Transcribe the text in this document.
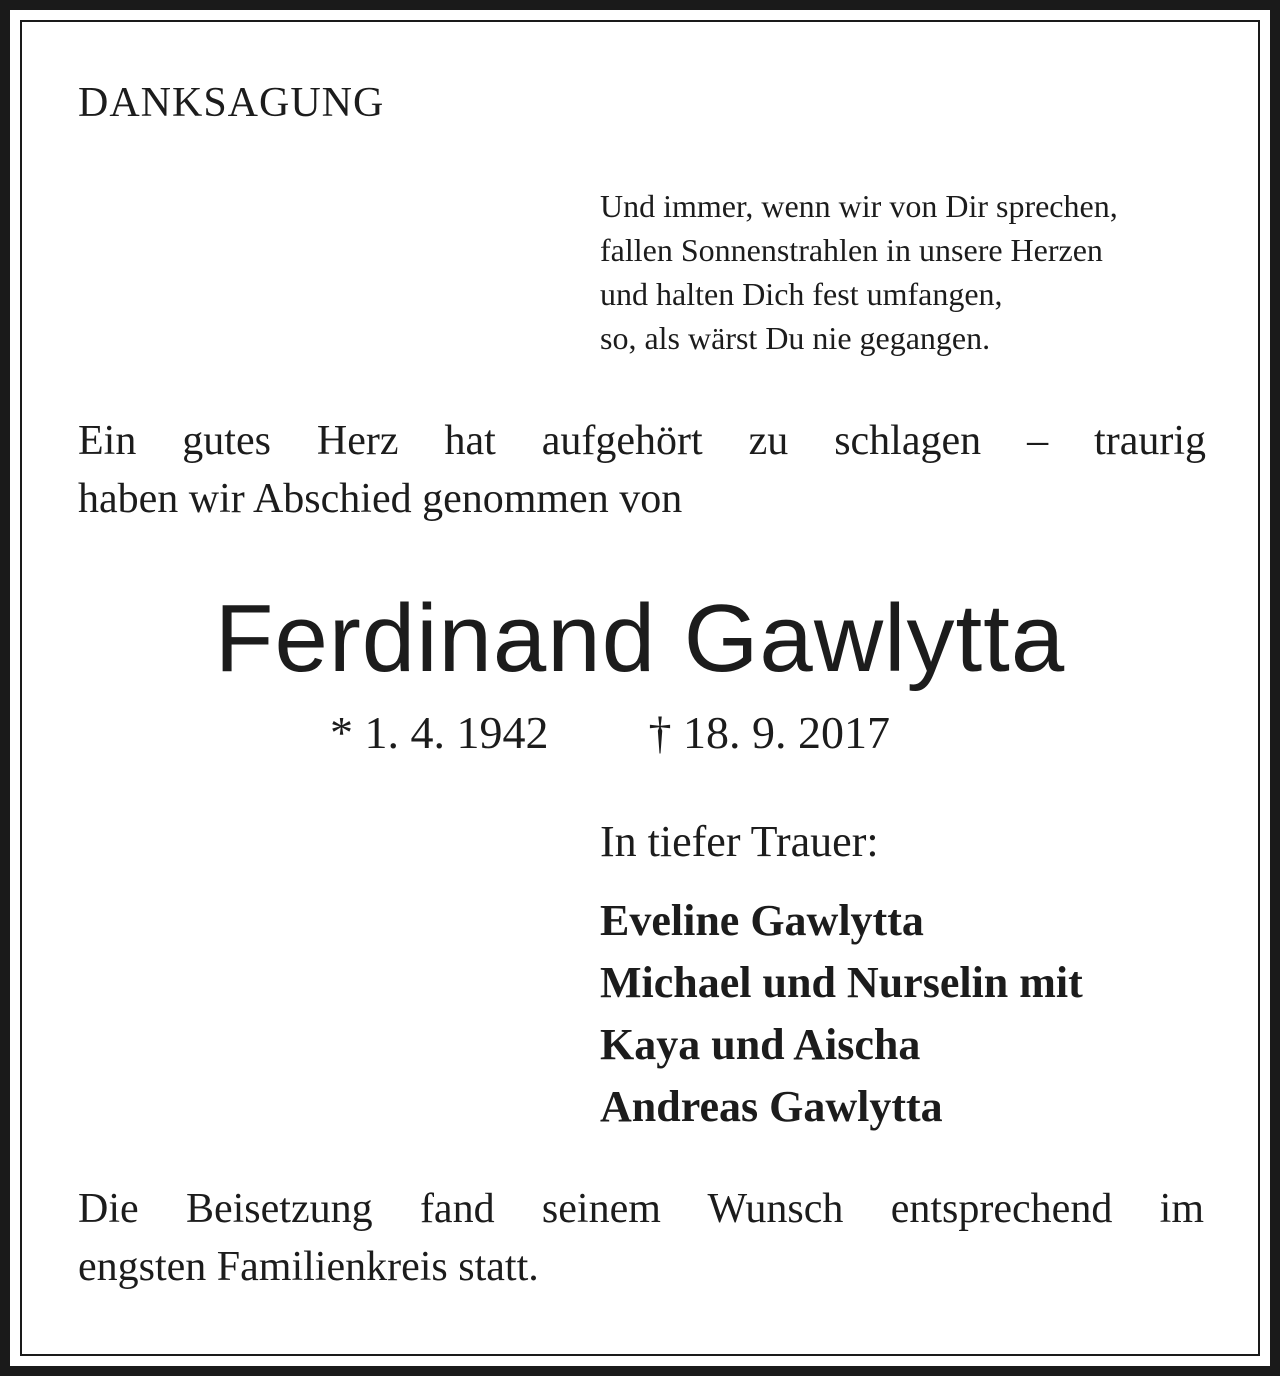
DANKSAGUNG
Und immer, wenn wir von Dir sprechen,
fallen Sonnenstrahlen in unsere Herzen
und halten Dich fest umfangen,
so, als wärst Du nie gegangen.
Ein gutes Herz hat aufgehört zu schlagen – traurig
haben wir Abschied genommen von
Ferdinand Gawlytta
* 1. 4. 1942 † 18. 9. 2017
In tiefer Trauer:
Eveline Gawlytta
Michael und Nurselin mit
Kaya und Aischa
Andreas Gawlytta
Die Beisetzung fand seinem Wunsch entsprechend im
engsten Familienkreis statt.
